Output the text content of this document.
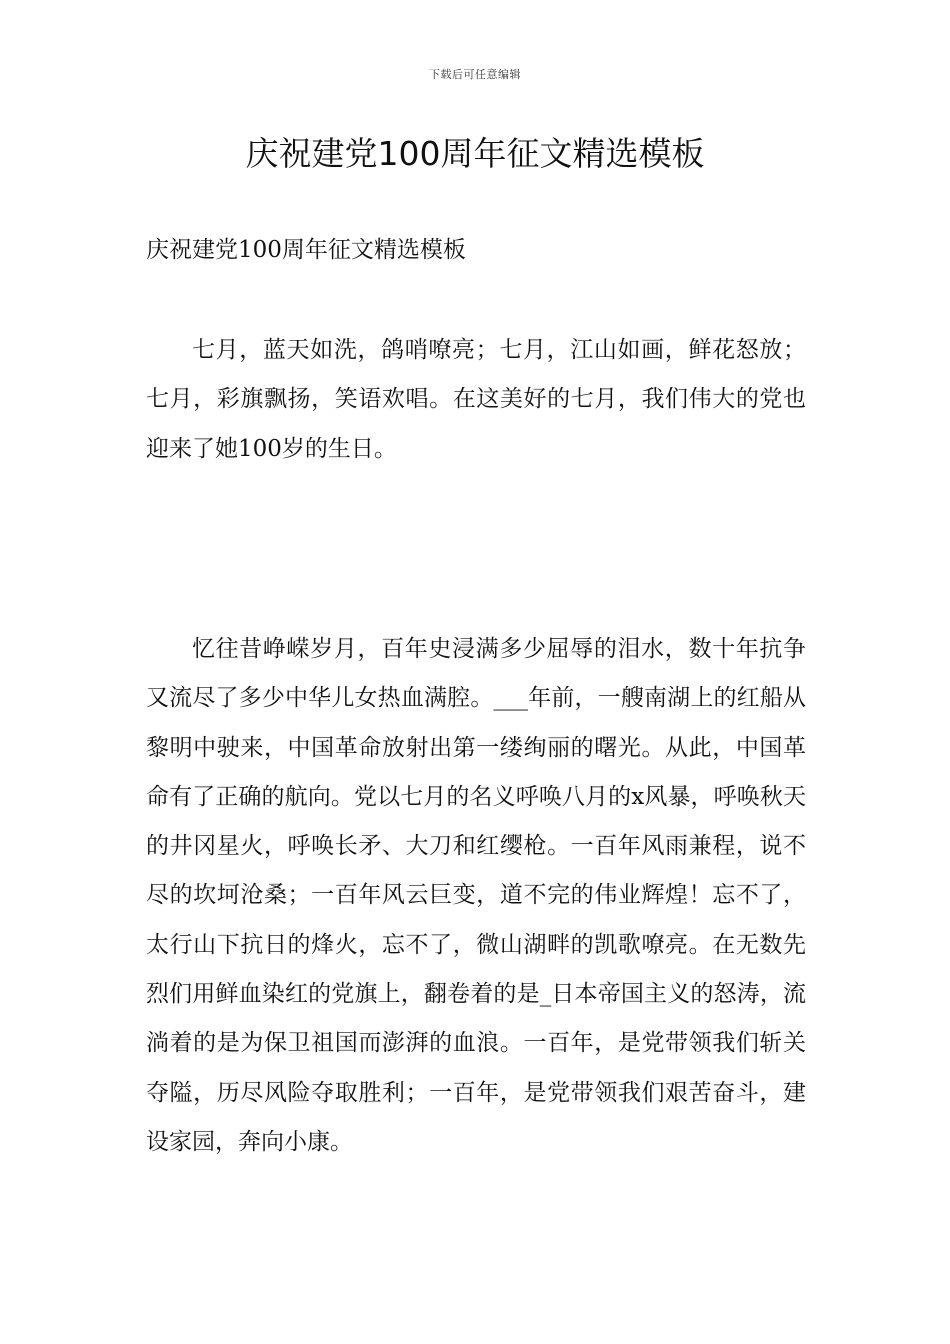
下载后可任意编辑
庆祝建党100周年征文精选模板

庆祝建党100周年征文精选模板

七月，蓝天如洗，鸽哨嘹亮；七月，江山如画，鲜花怒放；七月，彩旗飘扬，笑语欢唱。在这美好的七月，我们伟大的党也迎来了她100岁的生日。

忆往昔峥嵘岁月，百年史浸满多少屈辱的泪水，数十年抗争又流尽了多少中华儿女热血满腔。___年前，一艘南湖上的红船从黎明中驶来，中国革命放射出第一缕绚丽的曙光。从此，中国革命有了正确的航向。党以七月的名义呼唤八月的x风暴，呼唤秋天的井冈星火，呼唤长矛、大刀和红缨枪。一百年风雨兼程，说不尽的坎坷沧桑；一百年风云巨变，道不完的伟业辉煌！忘不了，太行山下抗日的烽火，忘不了，微山湖畔的凯歌嘹亮。在无数先烈们用鲜血染红的党旗上，翻卷着的是_日本帝国主义的怒涛，流淌着的是为保卫祖国而澎湃的血浪。一百年，是党带领我们斩关夺隘，历尽风险夺取胜利；一百年，是党带领我们艰苦奋斗，建设家园，奔向小康。
